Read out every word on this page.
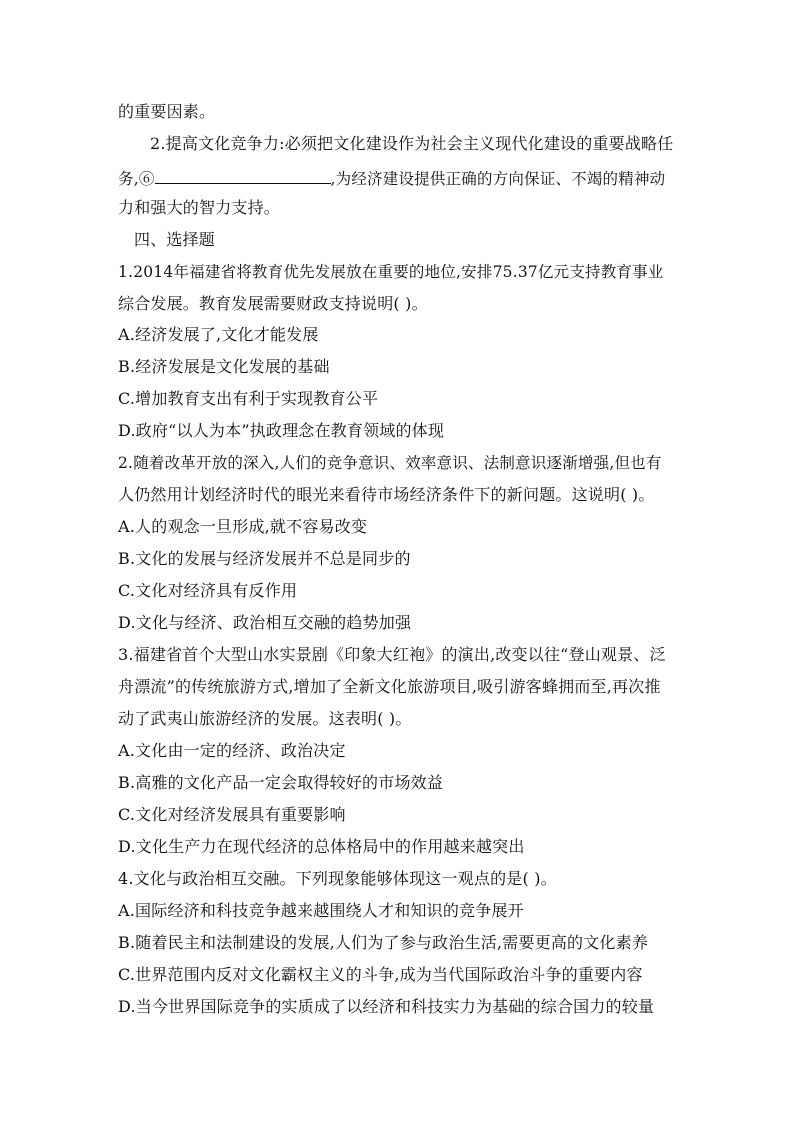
的重要因素。
2.提高文化竞争力:必须把文化建设作为社会主义现代化建设的重要战略任
务,⑥	,为经济建设提供正确的方向保证、不竭的精神动
力和强大的智力支持。
四、选择题
1.2014年福建省将教育优先发展放在重要的地位,安排75.37亿元支持教育事业
综合发展。教育发展需要财政支持说明( )。
A.经济发展了,文化才能发展
B.经济发展是文化发展的基础
C.增加教育支出有利于实现教育公平
D.政府“以人为本”执政理念在教育领域的体现
2.随着改革开放的深入,人们的竞争意识、效率意识、法制意识逐渐增强,但也有
人仍然用计划经济时代的眼光来看待市场经济条件下的新问题。这说明( )。
A.人的观念一旦形成,就不容易改变
B.文化的发展与经济发展并不总是同步的
C.文化对经济具有反作用
D.文化与经济、政治相互交融的趋势加强
3.福建省首个大型山水实景剧《印象大红袍》的演出,改变以往“登山观景、泛
舟漂流”的传统旅游方式,增加了全新文化旅游项目,吸引游客蜂拥而至,再次推
动了武夷山旅游经济的发展。这表明( )。
A.文化由一定的经济、政治决定
B.高雅的文化产品一定会取得较好的市场效益
C.文化对经济发展具有重要影响
D.文化生产力在现代经济的总体格局中的作用越来越突出
4.文化与政治相互交融。下列现象能够体现这一观点的是( )。
A.国际经济和科技竞争越来越围绕人才和知识的竞争展开
B.随着民主和法制建设的发展,人们为了参与政治生活,需要更高的文化素养
C.世界范围内反对文化霸权主义的斗争,成为当代国际政治斗争的重要内容
D.当今世界国际竞争的实质成了以经济和科技实力为基础的综合国力的较量
